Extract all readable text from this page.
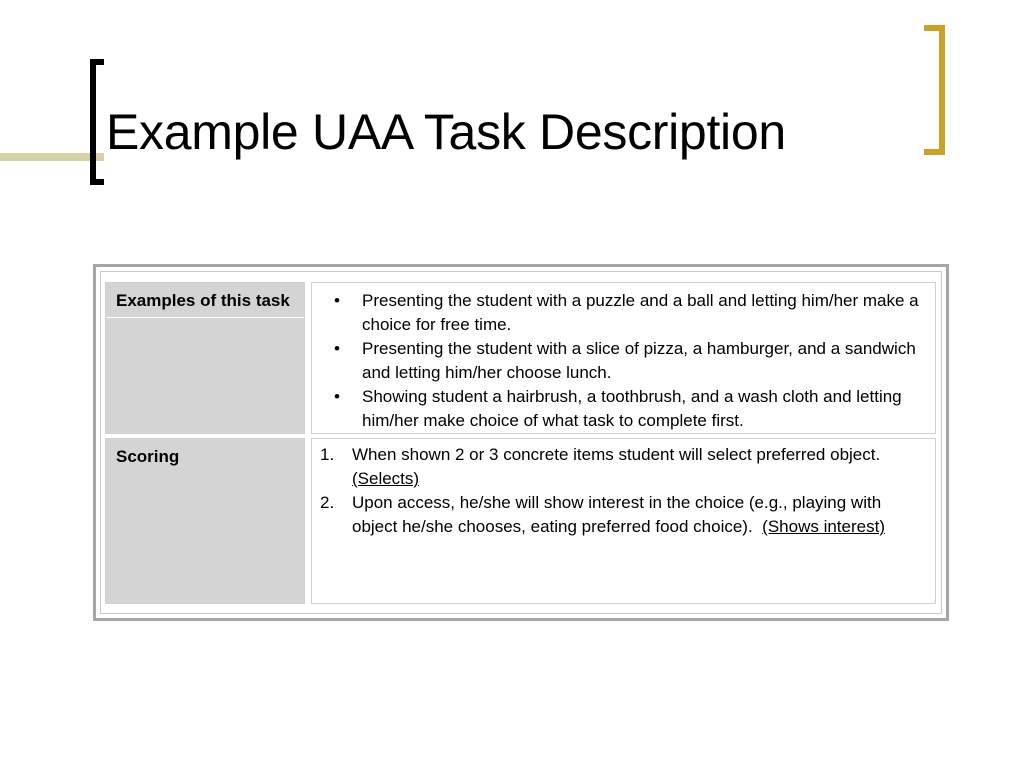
Example UAA Task Description
Examples of this task	• Presenting the student with a puzzle and a ball and letting him/her make a choice for free time.
• Presenting the student with a slice of pizza, a hamburger, and a sandwich and letting him/her choose lunch.
• Showing student a hairbrush, a toothbrush, and a wash cloth and letting him/her make choice of what task to complete first.
Scoring	1. When shown 2 or 3 concrete items student will select preferred object. (Selects)
2. Upon access, he/she will show interest in the choice (e.g., playing with object he/she chooses, eating preferred food choice). (Shows interest)
